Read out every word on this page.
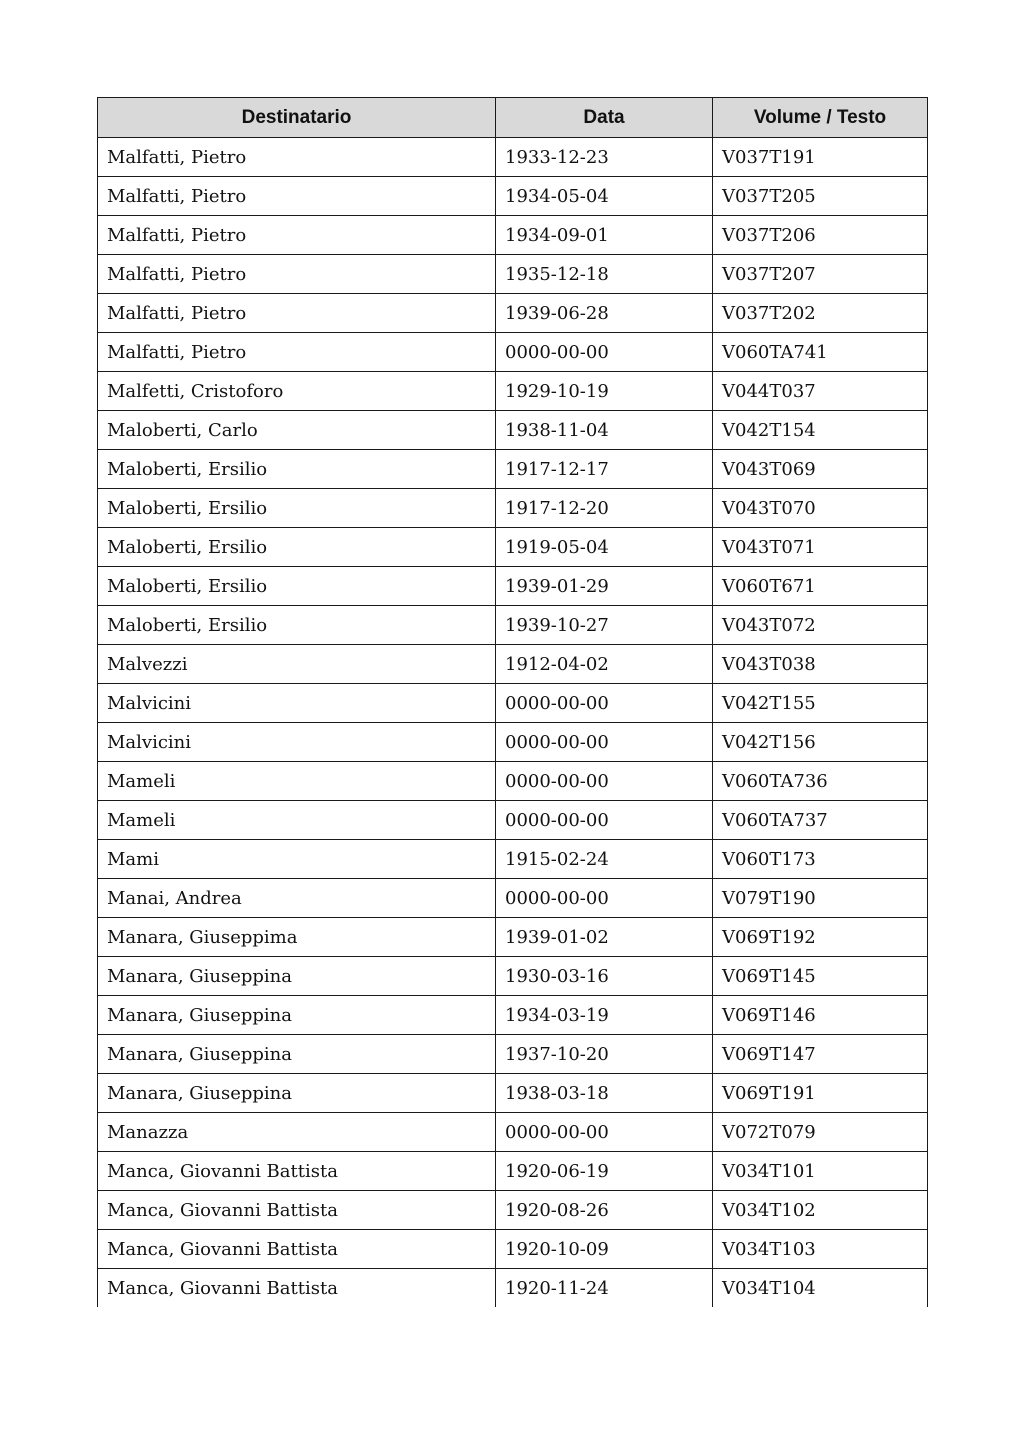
Destinatario	Data	Volume / Testo
Malfatti, Pietro	1933-12-23	V037T191
Malfatti, Pietro	1934-05-04	V037T205
Malfatti, Pietro	1934-09-01	V037T206
Malfatti, Pietro	1935-12-18	V037T207
Malfatti, Pietro	1939-06-28	V037T202
Malfatti, Pietro	0000-00-00	V060TA741
Malfetti, Cristoforo	1929-10-19	V044T037
Maloberti, Carlo	1938-11-04	V042T154
Maloberti, Ersilio	1917-12-17	V043T069
Maloberti, Ersilio	1917-12-20	V043T070
Maloberti, Ersilio	1919-05-04	V043T071
Maloberti, Ersilio	1939-01-29	V060T671
Maloberti, Ersilio	1939-10-27	V043T072
Malvezzi	1912-04-02	V043T038
Malvicini	0000-00-00	V042T155
Malvicini	0000-00-00	V042T156
Mameli	0000-00-00	V060TA736
Mameli	0000-00-00	V060TA737
Mami	1915-02-24	V060T173
Manai, Andrea	0000-00-00	V079T190
Manara, Giuseppima	1939-01-02	V069T192
Manara, Giuseppina	1930-03-16	V069T145
Manara, Giuseppina	1934-03-19	V069T146
Manara, Giuseppina	1937-10-20	V069T147
Manara, Giuseppina	1938-03-18	V069T191
Manazza	0000-00-00	V072T079
Manca, Giovanni Battista	1920-06-19	V034T101
Manca, Giovanni Battista	1920-08-26	V034T102
Manca, Giovanni Battista	1920-10-09	V034T103
Manca, Giovanni Battista	1920-11-24	V034T104
